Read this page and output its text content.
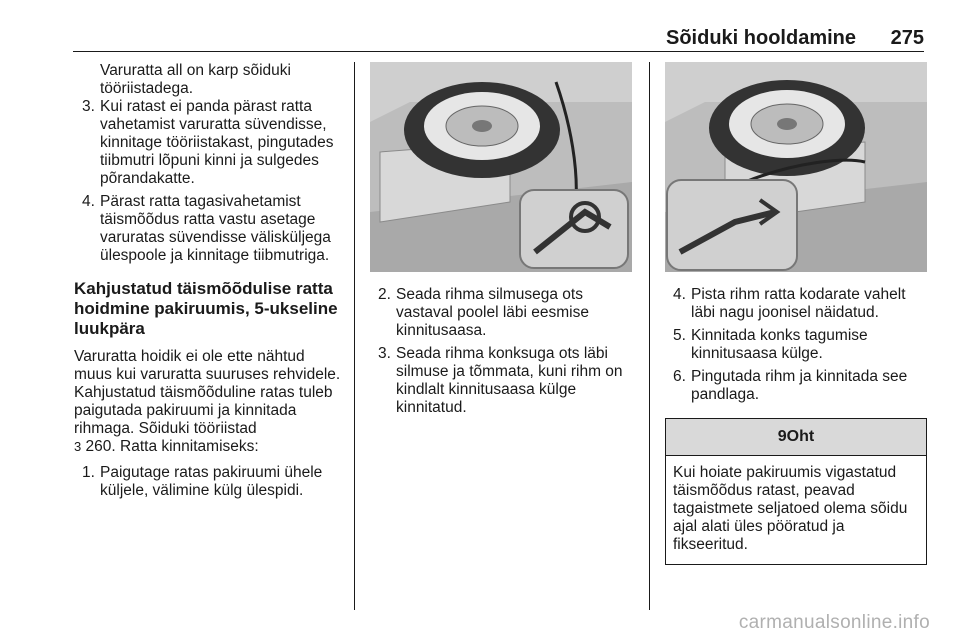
Sõiduki hooldamine 275

Varuratta all on karp sõiduki tööriistadega.

3. Kui ratast ei panda pärast ratta vahetamist varuratta süvendisse, kinnitage tööriistakast, pingutades tiibmutri lõpuni kinni ja sulgedes põrandakatte.
4. Pärast ratta tagasivahetamist täismõõdus ratta vastu asetage varuratas süvendisse välisküljega ülespoole ja kinnitage tiibmutriga.

Kahjustatud täismõõdulise ratta hoidmine pakiruumis, 5-ukseline luukpära

Varuratta hoidik ei ole ette nähtud muus kui varuratta suuruses rehvidele. Kahjustatud täismõõduline ratas tuleb paigutada pakiruumi ja kinnitada rihmaga. Sõiduki tööriistad
3 260. Ratta kinnitamiseks:

1. Paigutage ratas pakiruumi ühele küljele, välimine külg ülespidi.
2. Seada rihma silmusega ots vastaval poolel läbi eesmise kinnitusaasa.
3. Seada rihma konksuga ots läbi silmuse ja tõmmata, kuni rihm on kindlalt kinnitusaasa külge kinnitatud.
4. Pista rihm ratta kodarate vahelt läbi nagu joonisel näidatud.
5. Kinnitada konks tagumise kinnitusaasa külge.
6. Pingutada rihm ja kinnitada see pandlaga.
9Oht
Kui hoiate pakiruumis vigastatud täismõõdus ratast, peavad tagaistmete seljatoed olema sõidu ajal alati üles pööratud ja fikseeritud.
carmanualsonline.info
